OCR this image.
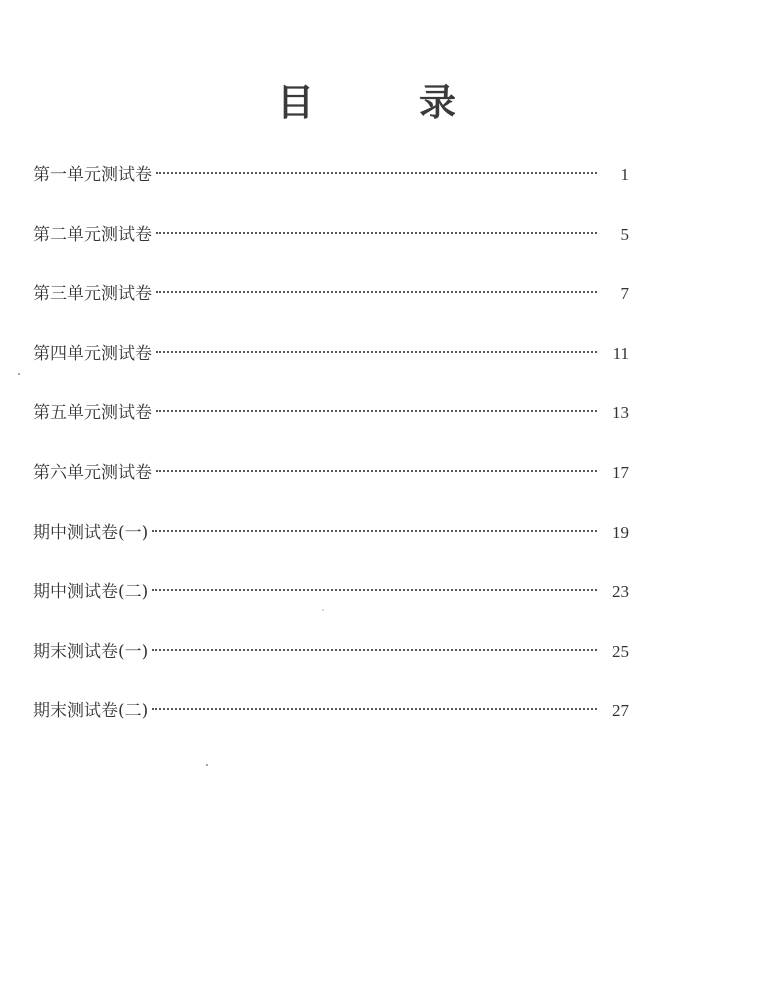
目　录
第一单元测试卷	1
第二单元测试卷	5
第三单元测试卷	7
第四单元测试卷	11
第五单元测试卷	13
第六单元测试卷	17
期中测试卷(一)	19
期中测试卷(二)	23
期末测试卷(一)	25
期末测试卷(二)	27
